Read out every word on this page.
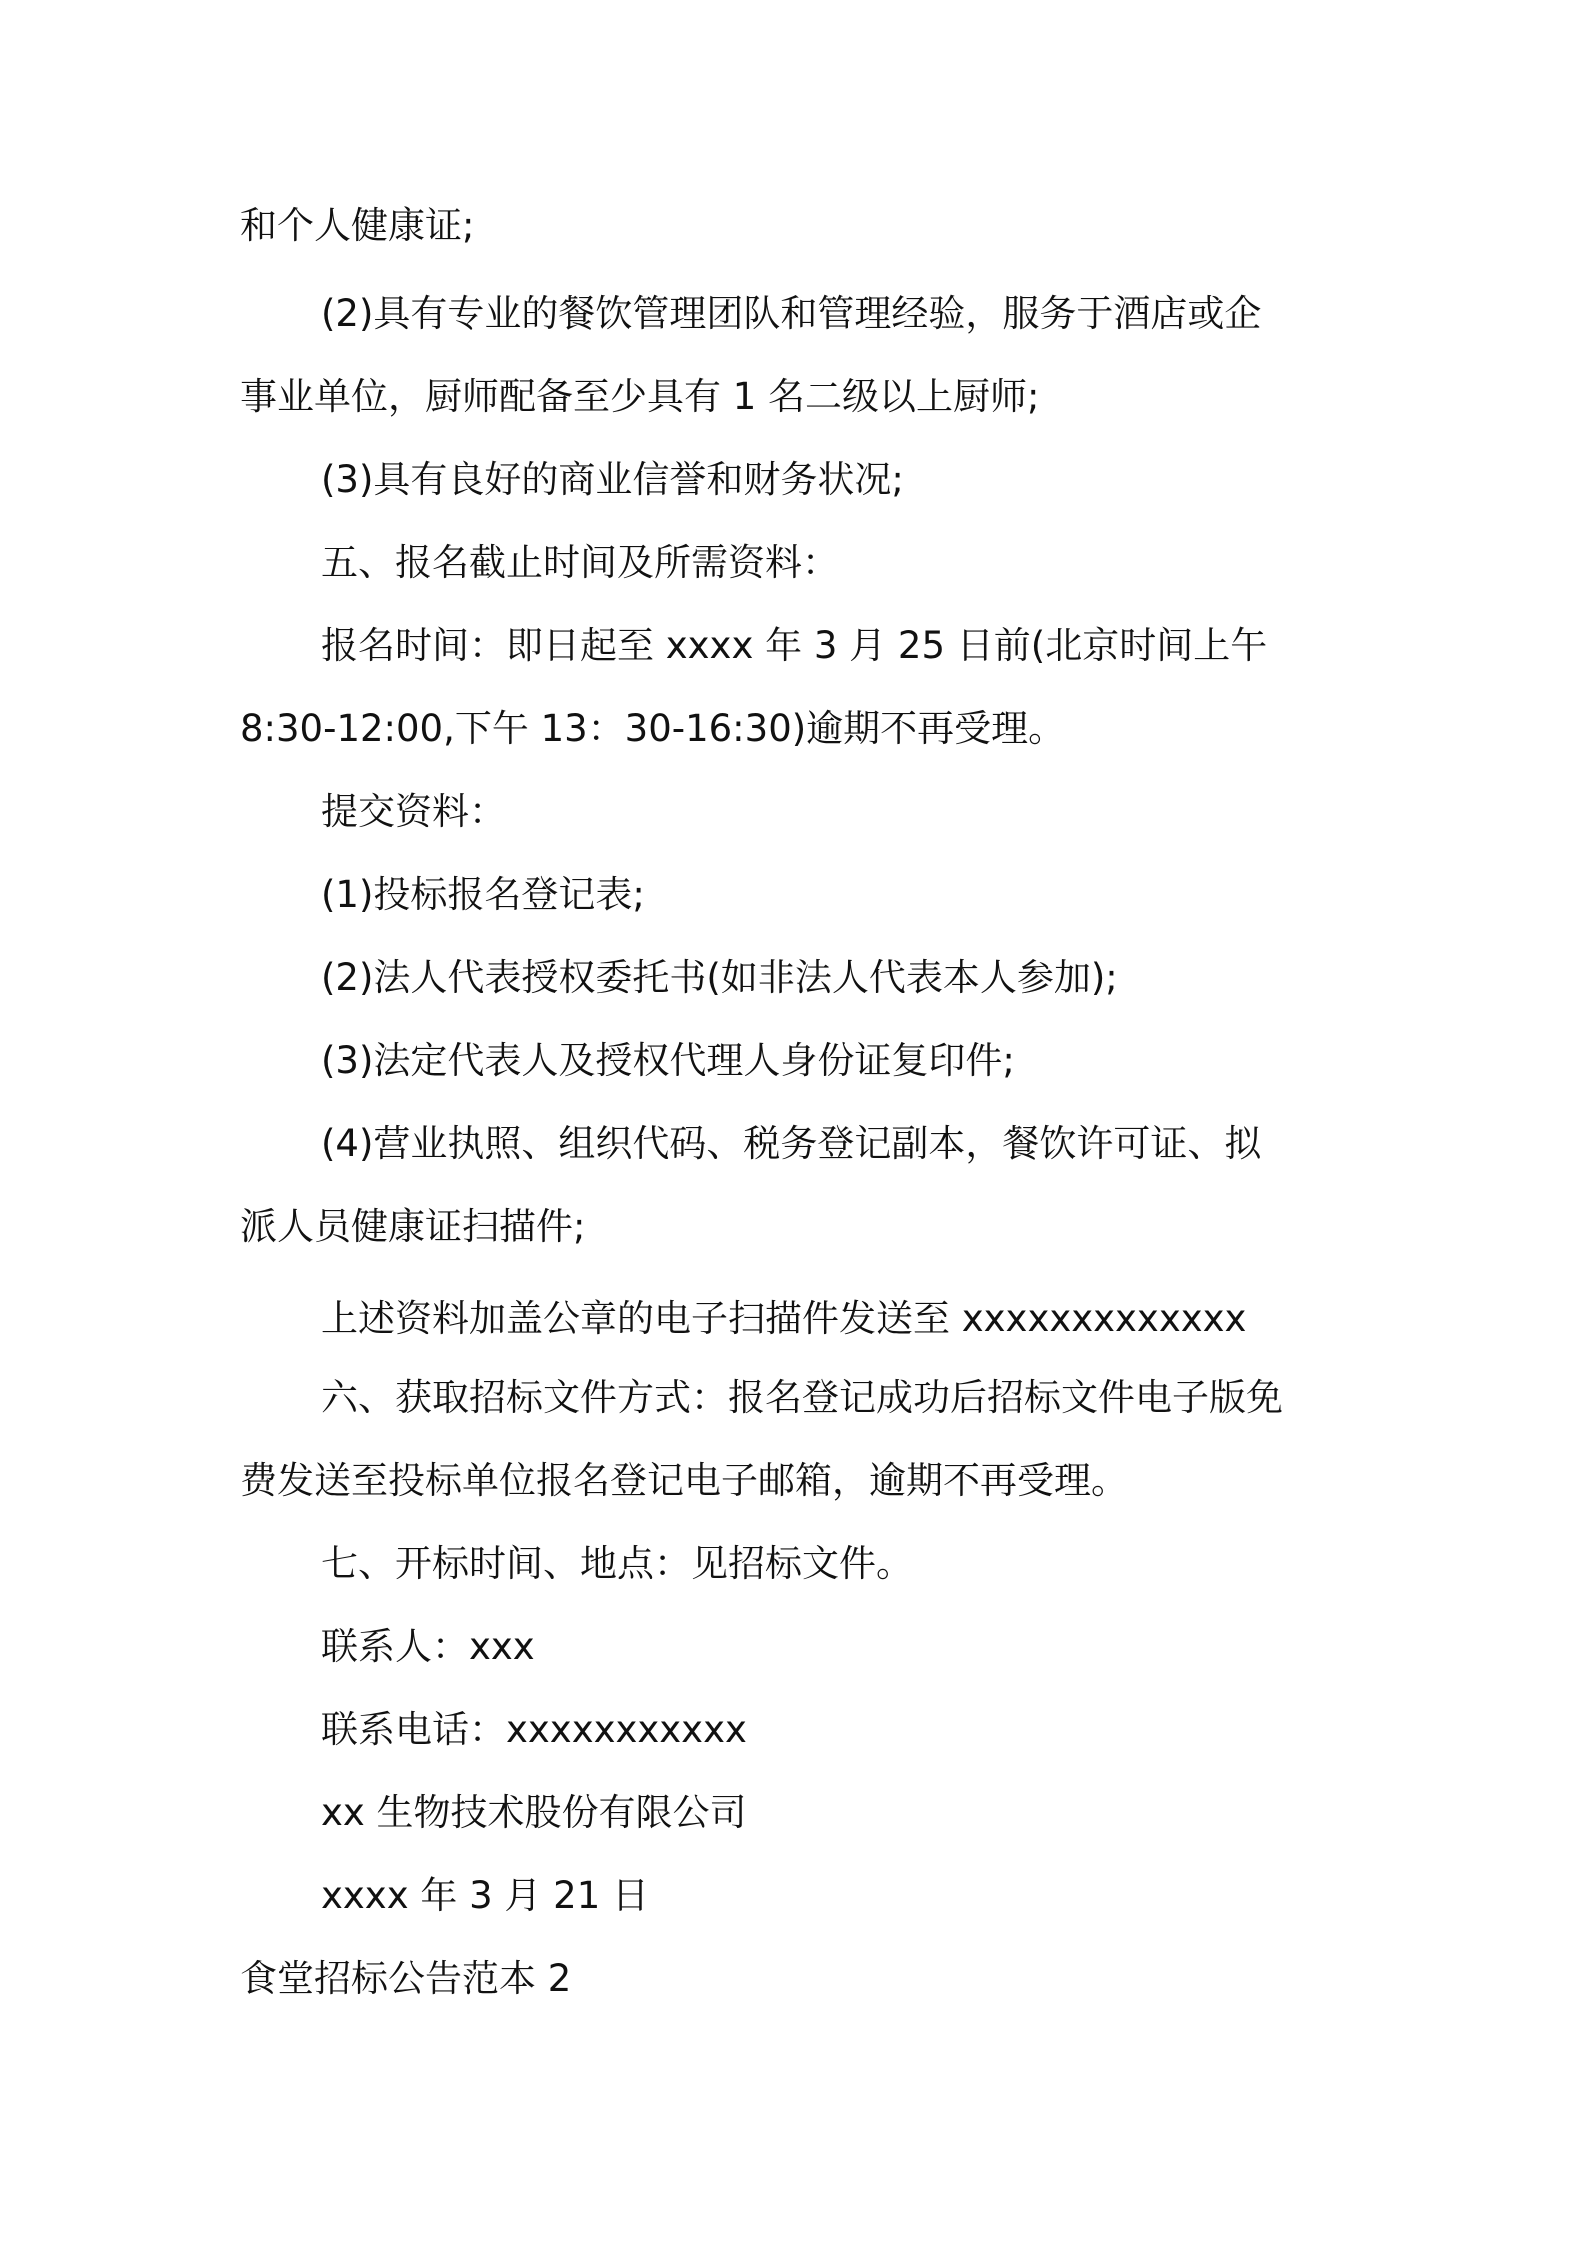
和个人健康证;
(2)具有专业的餐饮管理团队和管理经验，服务于酒店或企
事业单位，厨师配备至少具有 1 名二级以上厨师;
(3)具有良好的商业信誉和财务状况;
五、报名截止时间及所需资料：
报名时间：即日起至 xxxx 年 3 月 25 日前(北京时间上午
8:30-12:00,下午 13：30-16:30)逾期不再受理。
提交资料：
(1)投标报名登记表;
(2)法人代表授权委托书(如非法人代表本人参加);
(3)法定代表人及授权代理人身份证复印件;
(4)营业执照、组织代码、税务登记副本，餐饮许可证、拟
派人员健康证扫描件;
上述资料加盖公章的电子扫描件发送至 xxxxxxxxxxxxx
六、获取招标文件方式：报名登记成功后招标文件电子版免
费发送至投标单位报名登记电子邮箱，逾期不再受理。
七、开标时间、地点：见招标文件。
联系人：xxx
联系电话：xxxxxxxxxxx
xx 生物技术股份有限公司
xxxx 年 3 月 21 日
食堂招标公告范本 2
